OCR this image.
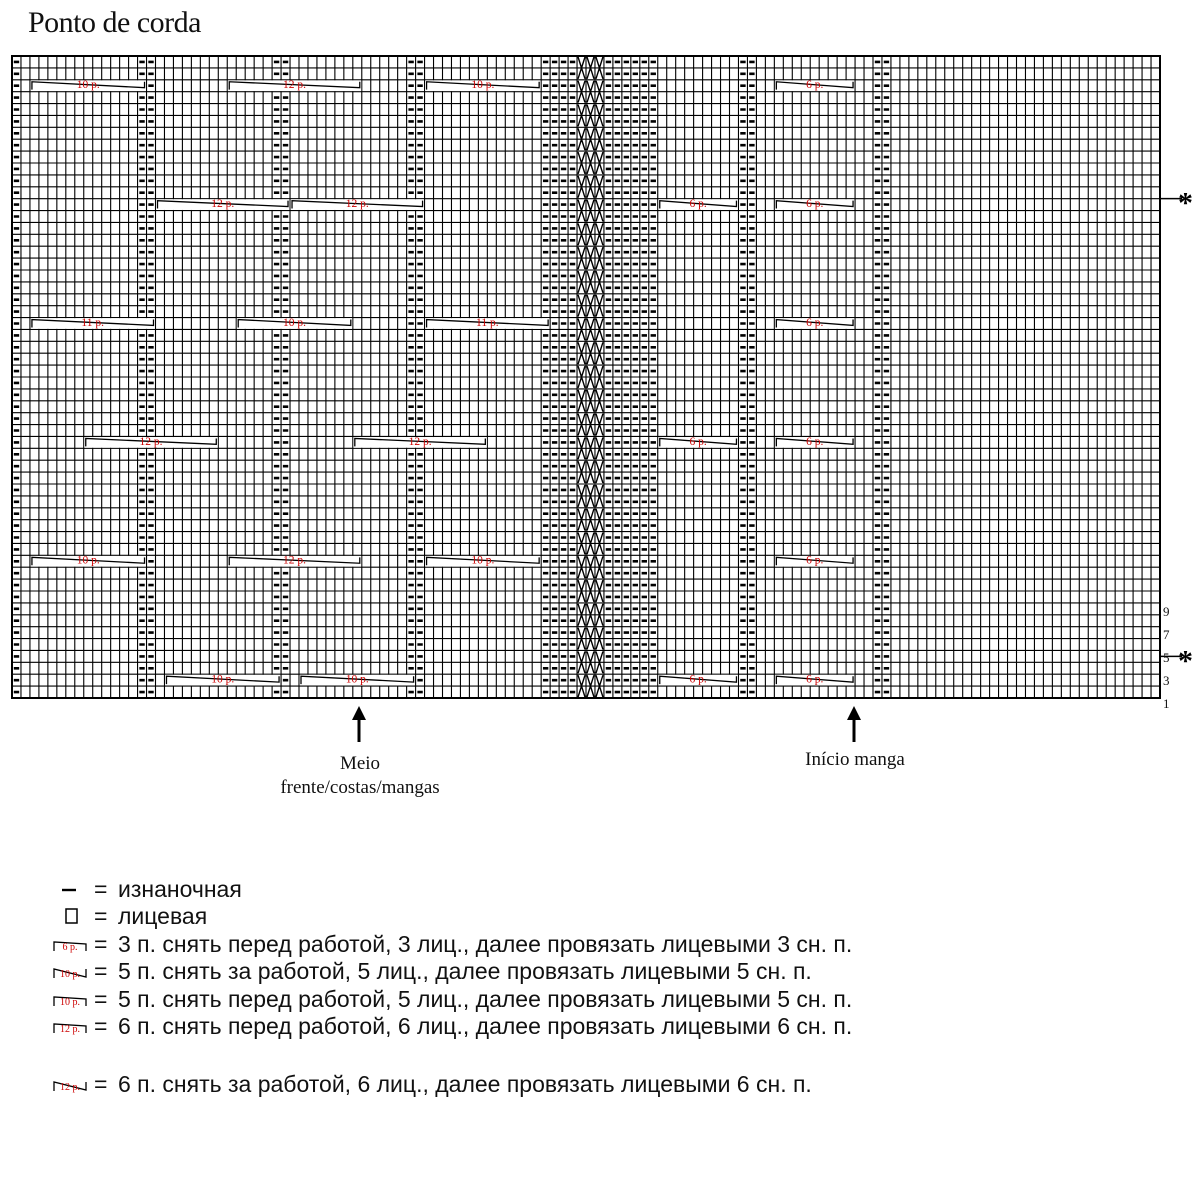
Ponto de corda
10 p.	12 p.	10 p.	6 p.
12 p.	12 p.	6 p.	6 p.
11 p.	10 p.	11 p.	6 p.
12 p.	12 p.	6 p.	6 p.
10 p.	12 p.	10 p.	6 p.
10 p.	10 p.	6 p.	6 p.
*
*
9
7
5
3
1
Meio
frente/costas/mangas
Início manga
= изнаночная
= лицевая
6 p. = 3 п. снять перед работой, 3 лиц., далее провязать лицевыми 3 сн. п.
10 p. = 5 п. снять за работой, 5 лиц., далее провязать лицевыми 5 сн. п.
10 p. = 5 п. снять перед работой, 5 лиц., далее провязать лицевыми 5 сн. п.
12 p. = 6 п. снять перед работой, 6 лиц., далее провязать лицевыми 6 сн. п.
12 p. = 6 п. снять за работой, 6 лиц., далее провязать лицевыми 6 сн. п.
